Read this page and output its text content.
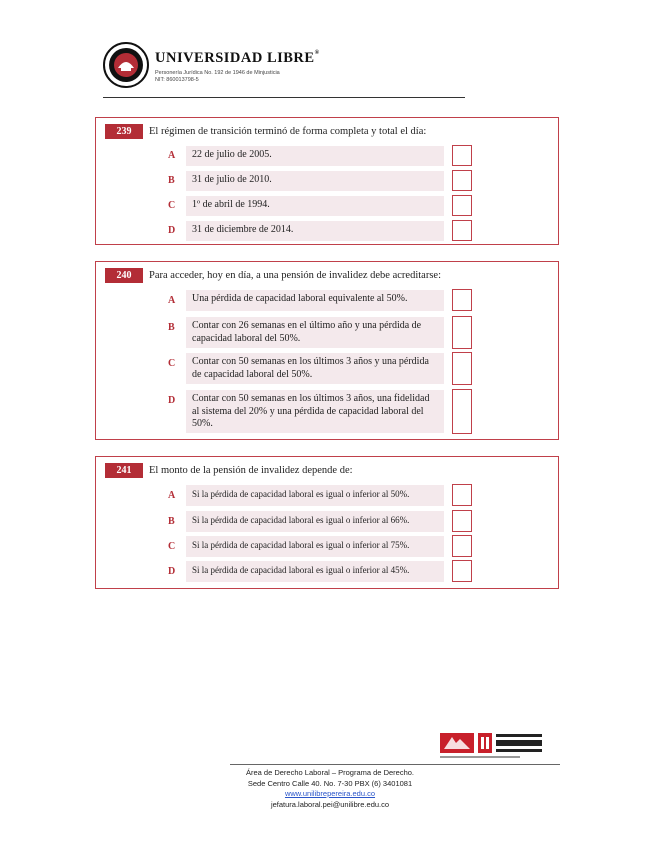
UNIVERSIDAD LIBRE®
Personería Jurídica No. 192 de 1946 de Minjusticia
NIT: 860013798-5
239	El régimen de transición terminó de forma completa y total el día:
A	22 de julio de 2005.
B	31 de julio de 2010.
C	1º de abril de 1994.
D	31 de diciembre de 2014.
240	Para acceder, hoy en día, a una pensión de invalidez debe acreditarse:
A	Una pérdida de capacidad laboral equivalente al 50%.
B	Contar con 26 semanas en el último año y una pérdida de capacidad laboral del 50%.
C	Contar con 50 semanas en los últimos 3 años y una pérdida de capacidad laboral del 50%.
D	Contar con 50 semanas en los últimos 3 años, una fidelidad al sistema del 20% y una pérdida de capacidad laboral del 50%.
241	El monto de la pensión de invalidez depende de:
A	Si la pérdida de capacidad laboral es igual o inferior al 50%.
B	Si la pérdida de capacidad laboral es igual o inferior al 66%.
C	Si la pérdida de capacidad laboral es igual o inferior al 75%.
D	Si la pérdida de capacidad laboral es igual o inferior al 45%.
Área de Derecho Laboral – Programa de Derecho.
Sede Centro Calle 40. No. 7-30 PBX (6) 3401081
www.unilibrepereira.edu.co
jefatura.laboral.pei@unilibre.edu.co
